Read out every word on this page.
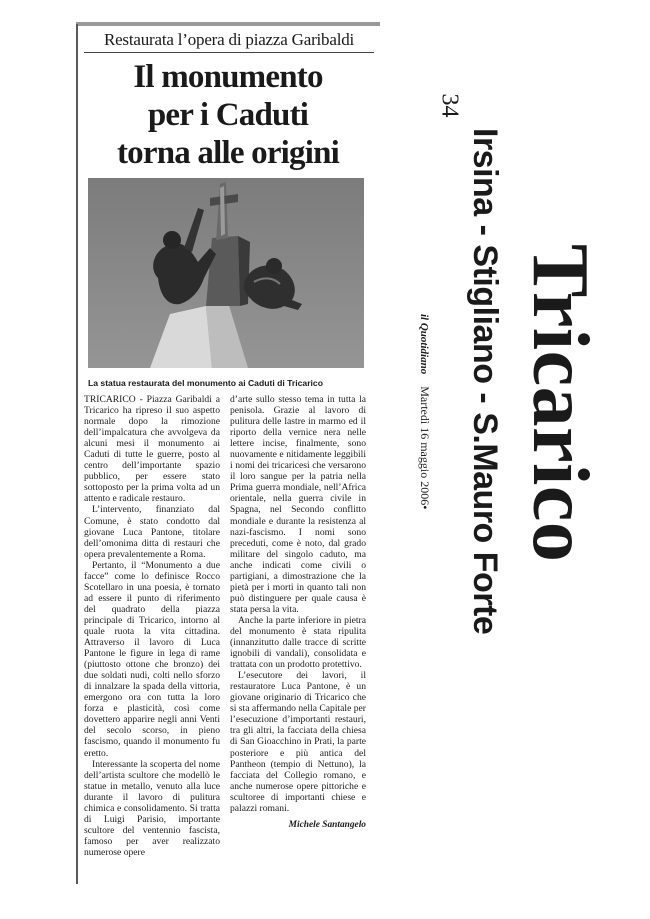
Restaurata l’opera di piazza Garibaldi
Il monumento
per i Caduti
torna alle origini
La statua restaurata del monumento ai Caduti di Tricarico

TRICARICO - Piazza Garibaldi a Tricarico ha ripreso il suo aspetto normale dopo la rimozione dell’impalcatura che avvolgeva da alcuni mesi il monumento ai Caduti di tutte le guerre, posto al centro dell’importante spazio pubblico, per essere stato sottoposto per la prima volta ad un attento e radicale restauro.

L’intervento, finanziato dal Comune, è stato condotto dal giovane Luca Pantone, titolare dell’omonima ditta di restauri che opera prevalentemente a Roma.

Pertanto, il “Monumento a due facce” come lo definisce Rocco Scotellaro in una poesia, è tornato ad essere il punto di riferimento del quadrato della piazza principale di Tricarico, intorno al quale ruota la vita cittadina. Attraverso il lavoro di Luca Pantone le figure in lega di rame (piuttosto ottone che bronzo) dei due soldati nudi, colti nello sforzo di innalzare la spada della vittoria, emergono ora con tutta la loro forza e plasticità, così come dovettero apparire negli anni Venti del secolo scorso, in pieno fascismo, quando il monumento fu eretto.

Interessante la scoperta del nome dell’artista scultore che modellò le statue in metallo, venuto alla luce durante il lavoro di pulitura chimica e consolidamento. Si tratta di Luigi Parisio, importante scultore del ventennio fascista, famoso per aver realizzato numerose opere

d’arte sullo stesso tema in tutta la penisola. Grazie al lavoro di pulitura delle lastre in marmo ed il riporto della vernice nera nelle lettere incise, finalmente, sono nuovamente e nitidamente leggibili i nomi dei tricaricesi che versarono il loro sangue per la patria nella Prima guerra mondiale, nell’Africa orientale, nella guerra civile in Spagna, nel Secondo conflitto mondiale e durante la resistenza al nazi-fascismo. I nomi sono preceduti, come è noto, dal grado militare del singolo caduto, ma anche indicati come civili o partigiani, a dimostrazione che la pietà per i morti in quanto tali non può distinguere per quale causa è stata persa la vita.

Anche la parte inferiore in pietra del monumento è stata ripulita (innanzitutto dalle tracce di scritte ignobili di vandali), consolidata e trattata con un prodotto protettivo.

L’esecutore dei lavori, il restauratore Luca Pantone, è un giovane originario di Tricarico che si sta affermando nella Capitale per l’esecuzione d’importanti restauri, tra gli altri, la facciata della chiesa di San Gioacchino in Prati, la parte posteriore e più antica del Pantheon (tempio di Nettuno), la facciata del Collegio romano, e anche numerose opere pittoriche e scultoree di importanti chiese e palazzi romani.

Michele Santangelo
34
Tricarico
Irsina - Stigliano - S.Mauro Forte
il Quotidiano    Martedì 16 maggio 2006•
